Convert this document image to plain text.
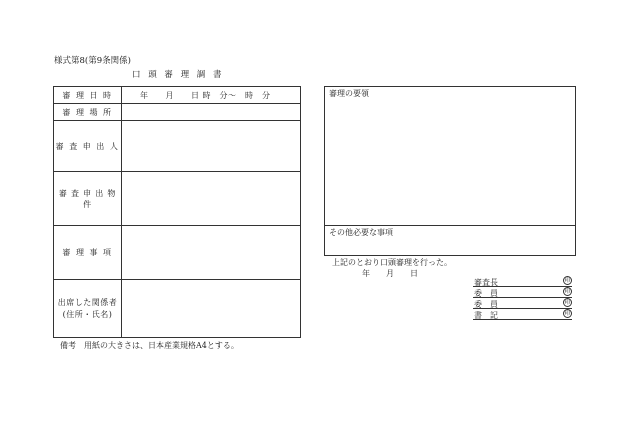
様式第8(第9条関係)
口 頭 審 理 調 書
審 理 日 時	年　　月　　日 時　分～　時　分
審 理 場 所	
審 査 申 出 人	
審 査 申 出 物 件	
審 理 事 項	
出席した関係者
(住所・氏名)	
審理の要領
その他必要な事項
上記のとおり口頭審理を行った。
年　　月　　日
審査長	印
委　員	印
委　員	印
書　記	印
備考　用紙の大きさは、日本産業規格A4とする。
